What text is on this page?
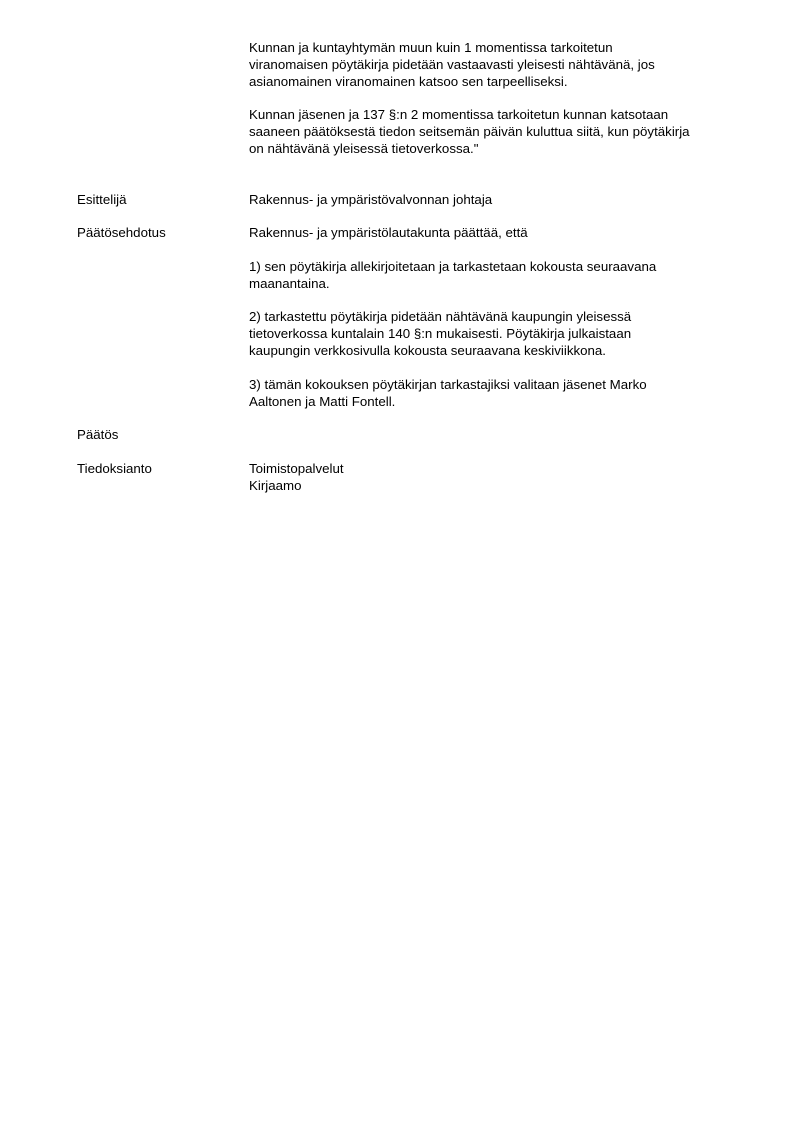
Kunnan ja kuntayhtymän muun kuin 1 momentissa tarkoitetun

viranomaisen pöytäkirja pidetään vastaavasti yleisesti nähtävänä, jos

asianomainen viranomainen katsoo sen tarpeelliseksi.

Kunnan jäsenen ja 137 §:n 2 momentissa tarkoitetun kunnan katsotaan

saaneen päätöksestä tiedon seitsemän päivän kuluttua siitä, kun pöytäkirja

on nähtävänä yleisessä tietoverkossa."

Esittelijä	Rakennus- ja ympäristövalvonnan johtaja
Päätösehdotus	Rakennus- ja ympäristölautakunta päättää, että

1) sen pöytäkirja allekirjoitetaan ja tarkastetaan kokousta seuraavana

maanantaina.

2) tarkastettu pöytäkirja pidetään nähtävänä kaupungin yleisessä

tietoverkossa kuntalain 140 §:n mukaisesti. Pöytäkirja julkaistaan

kaupungin verkkosivulla kokousta seuraavana keskiviikkona.

3) tämän kokouksen pöytäkirjan tarkastajiksi valitaan jäsenet Marko

Aaltonen ja Matti Fontell.

Päätös
Tiedoksianto	Toimistopalvelut

Kirjaamo
